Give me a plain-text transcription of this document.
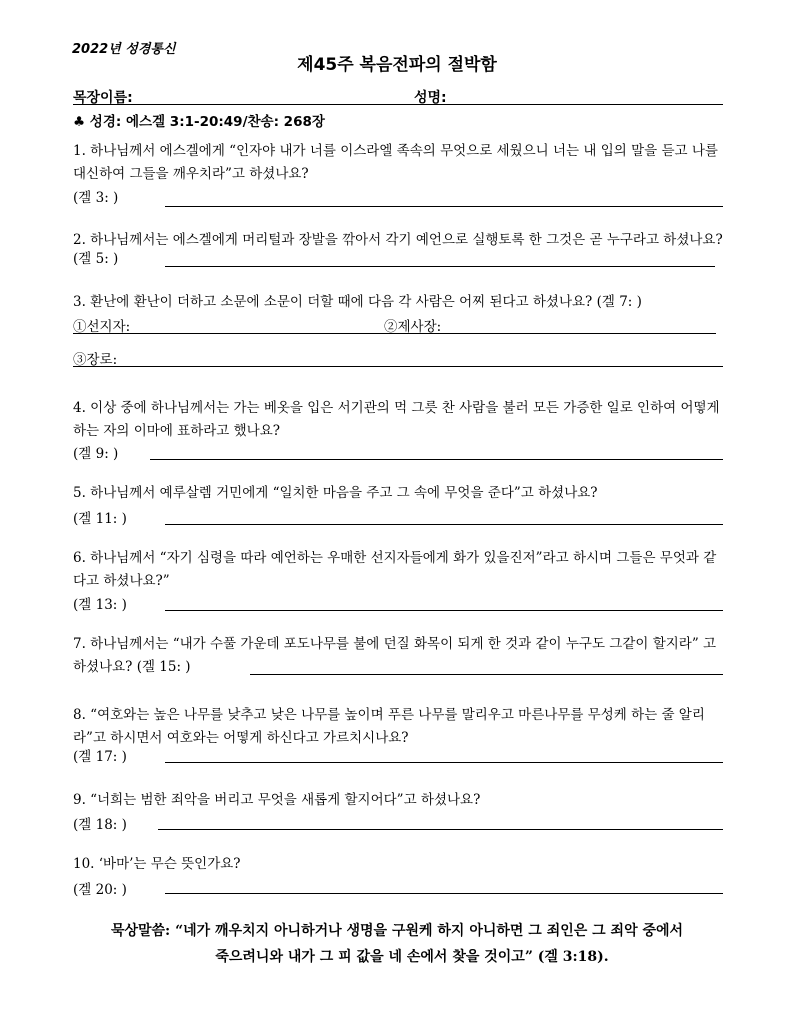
2022년 성경통신
제45주 복음전파의 절박함
목장이름:	성명:
♣ 성경: 에스겔 3:1-20:49/찬송: 268장
1. 하나님께서 에스겔에게 “인자야 내가 너를 이스라엘 족속의 무엇으로 세웠으니 너는 내 입의 말을 듣고 나를 대신하여 그들을 깨우치라”고 하셨나요?
(겔 3: )
2. 하나님께서는 에스겔에게 머리털과 장발을 깎아서 각기 예언으로 실행토록 한 그것은 곧 누구라고 하셨나요?
(겔 5: )
3. 환난에 환난이 더하고 소문에 소문이 더할 때에 다음 각 사람은 어찌 된다고 하셨나요? (겔 7: )
①선지자:	②제사장:
③장로:
4. 이상 중에 하나님께서는 가는 베옷을 입은 서기관의 먹 그릇 찬 사람을 불러 모든 가증한 일로 인하여 어떻게 하는 자의 이마에 표하라고 했나요?
(겔 9: )
5. 하나님께서 예루살렘 거민에게 “일치한 마음을 주고 그 속에 무엇을 준다”고 하셨나요?
(겔 11: )
6. 하나님께서 “자기 심령을 따라 예언하는 우매한 선지자들에게 화가 있을진저”라고 하시며 그들은 무엇과 같다고 하셨나요?”
(겔 13: )
7. 하나님께서는 “내가 수풀 가운데 포도나무를 불에 던질 화목이 되게 한 것과 같이 누구도 그같이 할지라” 고 하셨나요? (겔 15: )
8. “여호와는 높은 나무를 낮추고 낮은 나무를 높이며 푸른 나무를 말리우고 마른나무를 무성케 하는 줄 알리라”고 하시면서 여호와는 어떻게 하신다고 가르치시나요?
(겔 17: )
9. “너희는 범한 죄악을 버리고 무엇을 새롭게 할지어다”고 하셨나요?
(겔 18: )
10. ‘바마’는 무슨 뜻인가요?
(겔 20: )
묵상말씀: “네가 깨우치지 아니하거나 생명을 구원케 하지 아니하면 그 죄인은 그 죄악 중에서
죽으려니와 내가 그 피 값을 네 손에서 찾을 것이고” (겔 3:18).
